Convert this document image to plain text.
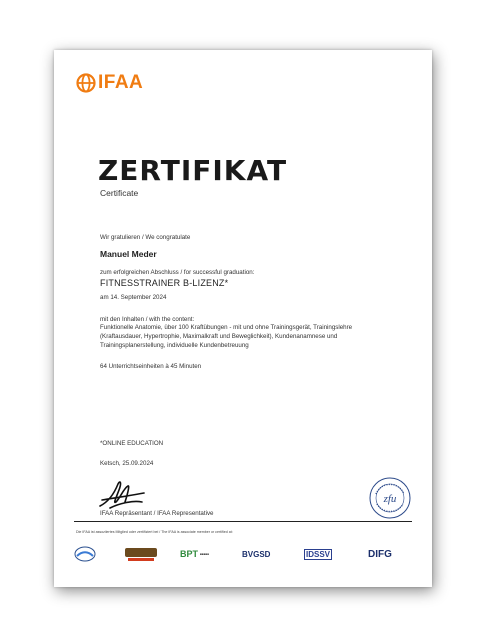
IFAA
ZERTIFIKAT
Certificate
Wir gratulieren / We congratulate
Manuel Meder
zum erfolgreichen Abschluss / for successful graduation:
FITNESSTRAINER B-LIZENZ*
am 14. September 2024
mit den Inhalten / with the content:
Funktionelle Anatomie, über 100 Kraftübungen - mit und ohne Trainingsgerät, Trainingslehre
(Kraftausdauer, Hypertrophie, Maximalkraft und Beweglichkeit), Kundenanamnese und
Trainingsplanerstellung, individuelle Kundenbetreuung
64 Unterrichtseinheiten à 45 Minuten
*ONLINE EDUCATION
Ketsch, 25.09.2024
IFAA Repräsentant / IFAA Representative
zfu
Die IFAA ist assoziiertes Mitglied oder zertifiziert bei / The IFAA is associate member or certified at:
BPT ■■■■■	BVGSD	IDSSV	DIFG
